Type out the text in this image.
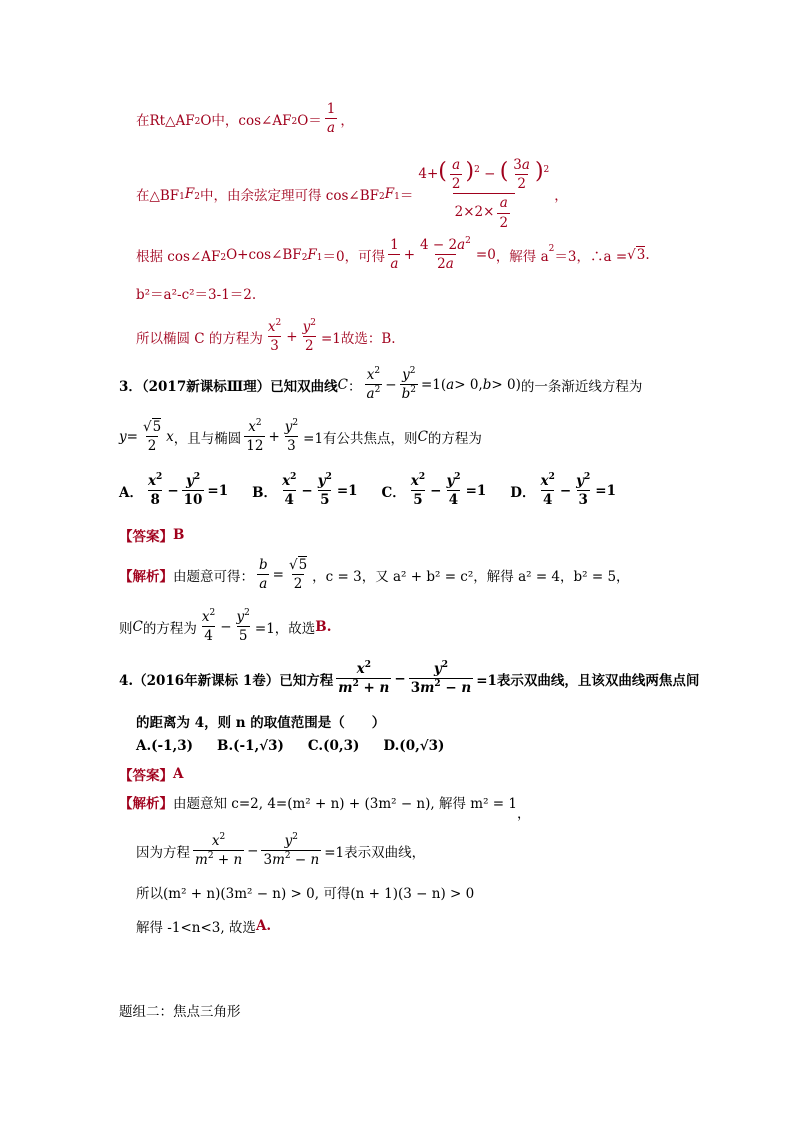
在Rt△AF 2 O中，cos∠AF 2 $O= \frac{1}{a}$ ，
在△BF 1 F 2 中，由余弦定理可得 cos∠BF 2 F $1 = \frac{4+( \frac{a}{2} )^2 - ( \frac{3a}{2} )^2}{2\times 2\times \frac{a}{2}}$ ，
根据 cos∠AF 2 O+cos∠BF 2 F 1 ＝0，可得 $\frac{1}{a} + \frac{4 - 2a^2}{2a} =0$ ，解得 a 2 ＝3，∴a = √ 3 .
b²＝a²-c²＝3-1＝2.
所以椭圆 C 的方程为 $\frac{x^2}{3} + \frac{y^2}{2} =1$故选：B.
3．（2017新课标Ⅲ理）已知双曲线 C ： $\frac{x^2}{a^2} - \frac{y^2}{b^2} =1$( a > 0, b > 0) 的一条渐近线方程为
$y = \frac{√5}{2}$ x ，且与椭圆 $\frac{x^2}{12} + \frac{y^2}{3} =1$有公共焦点，则 C 的方程为
A． $\frac{x^2}{8} - \frac{y^2}{10} =1$ B． $\frac{x^2}{4} - \frac{y^2}{5} =1$ C． $\frac{x^2}{5} - \frac{y^2}{4} =1$ D． $\frac{x^2}{4} - \frac{y^2}{3} =1$
【答案】 B
【解析】 由题意可得： $\frac{b}{a} = \frac{√5}{2}$ ，c = 3，又 a² + b² = c²，解得 a² = 4，b² = 5，
则 C 的方程为 $\frac{x^2}{4} - \frac{y^2}{5} =1$，故选 B.
4.（2016年新课标 1卷）已知方程 $\frac{x^2}{m^2 + n} - \frac{y^2}{3m^2 - n} =1$表示双曲线，且该双曲线两焦点间
的距离为 4，则 n 的取值范围是（　　）
A.(-1,3) B.(-1,√3) C.(0,3) D.(0,√3)
【答案】 A
【解析】 由题意知 c=2, 4=(m² + n) + (3m² − n), 解得 m² = 1
，
因为方程 $\frac{x^2}{m^2 + n} - \frac{y^2}{3m^2 - n} =1$表示双曲线，
所以(m² + n)(3m² − n) > 0, 可得(n + 1)(3 − n) > 0
解得 -1<n<3, 故选 A.
题组二：焦点三角形
